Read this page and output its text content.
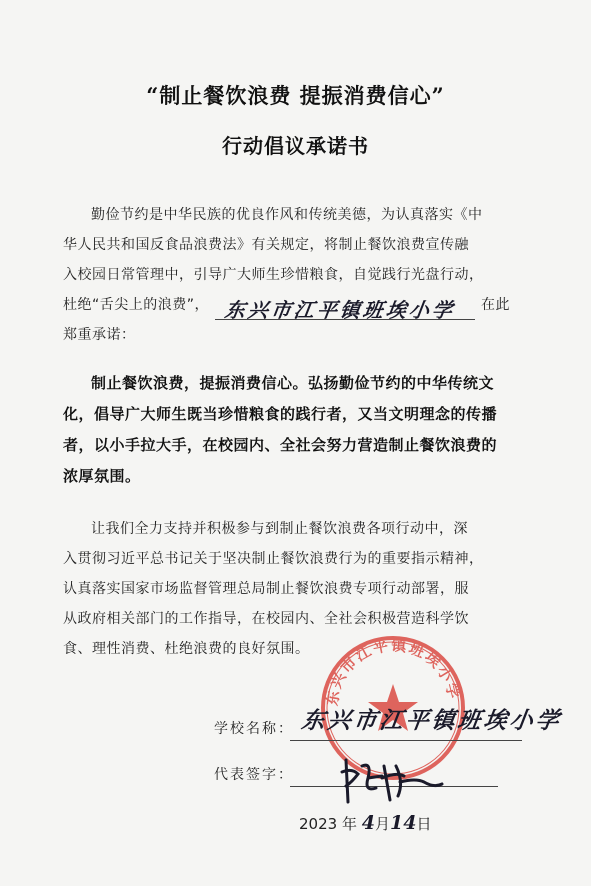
“制止餐饮浪费 提振消费信心”
行动倡议承诺书
勤俭节约是中华民族的优良作风和传统美德，为认真落实《中
华人民共和国反食品浪费法》有关规定，将制止餐饮浪费宣传融
入校园日常管理中，引导广大师生珍惜粮食，自觉践行光盘行动，
杜绝“舌尖上的浪费”， 东兴市江平镇班埃小学 在此
郑重承诺：
制止餐饮浪费，提振消费信心。弘扬勤俭节约的中华传统文
化，倡导广大师生既当珍惜粮食的践行者，又当文明理念的传播
者，以小手拉大手，在校园内、全社会努力营造制止餐饮浪费的
浓厚氛围。
让我们全力支持并积极参与到制止餐饮浪费各项行动中，深
入贯彻习近平总书记关于坚决制止餐饮浪费行为的重要指示精神，
认真落实国家市场监督管理总局制止餐饮浪费专项行动部署，服
从政府相关部门的工作指导，在校园内、全社会积极营造科学饮
食、理性消费、杜绝浪费的良好氛围。
东兴市江平镇班埃小学
学校名称： 东兴市江平镇班埃小学
代表签字：
2023 年 4月14日
